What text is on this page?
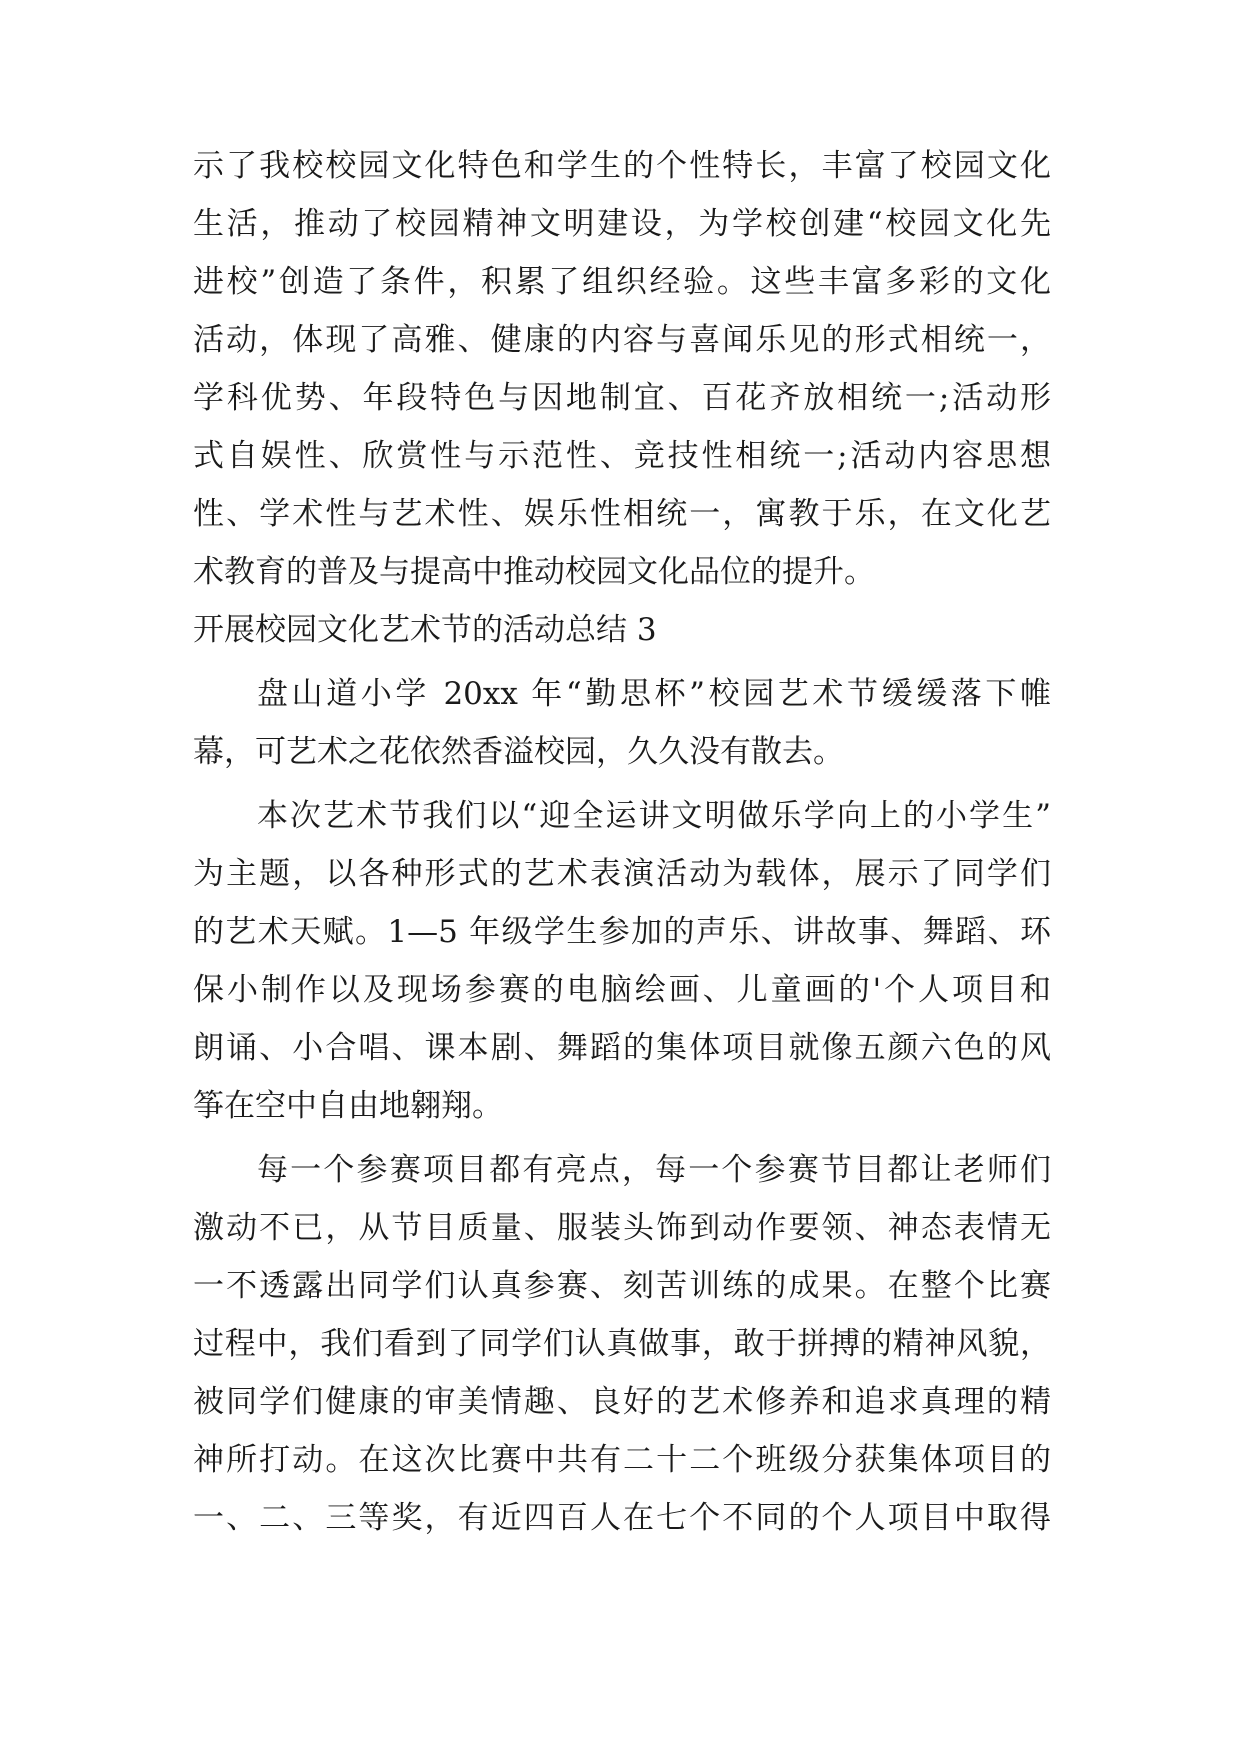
示了我校校园文化特色和学生的个性特长，丰富了校园文化
生活，推动了校园精神文明建设，为学校创建“校园文化先
进校”创造了条件，积累了组织经验。这些丰富多彩的文化
活动，体现了高雅、健康的内容与喜闻乐见的形式相统一，
学科优势、年段特色与因地制宜、百花齐放相统一;活动形
式自娱性、欣赏性与示范性、竞技性相统一;活动内容思想
性、学术性与艺术性、娱乐性相统一，寓教于乐，在文化艺
术教育的普及与提高中推动校园文化品位的提升。
开展校园文化艺术节的活动总结 3
盘山道小学 20xx 年“勤思杯”校园艺术节缓缓落下帷
幕，可艺术之花依然香溢校园，久久没有散去。
本次艺术节我们以“迎全运讲文明做乐学向上的小学生”
为主题，以各种形式的艺术表演活动为载体，展示了同学们
的艺术天赋。1—5 年级学生参加的声乐、讲故事、舞蹈、环
保小制作以及现场参赛的电脑绘画、儿童画的'个人项目和
朗诵、小合唱、课本剧、舞蹈的集体项目就像五颜六色的风
筝在空中自由地翱翔。
每一个参赛项目都有亮点，每一个参赛节目都让老师们
激动不已，从节目质量、服装头饰到动作要领、神态表情无
一不透露出同学们认真参赛、刻苦训练的成果。在整个比赛
过程中，我们看到了同学们认真做事，敢于拼搏的精神风貌，
被同学们健康的审美情趣、良好的艺术修养和追求真理的精
神所打动。在这次比赛中共有二十二个班级分获集体项目的
一、二、三等奖，有近四百人在七个不同的个人项目中取得
